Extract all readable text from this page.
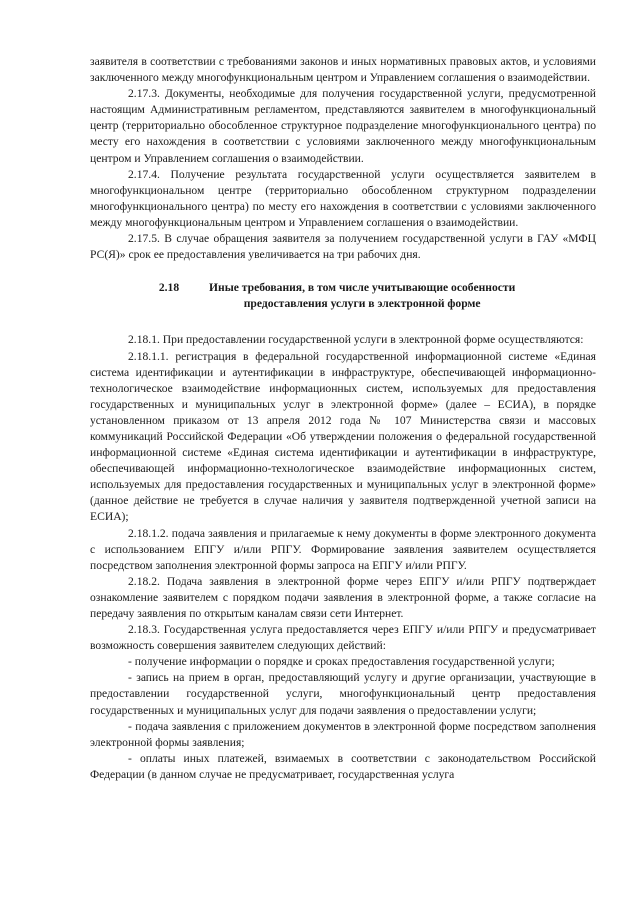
заявителя в соответствии с требованиями законов и иных нормативных правовых актов, и условиями заключенного между многофункциональным центром и Управлением соглашения о взаимодействии.

2.17.3. Документы, необходимые для получения государственной услуги, предусмотренной настоящим Административным регламентом, представляются заявителем в многофункциональный центр (территориально обособленное структурное подразделение многофункционального центра) по месту его нахождения в соответствии с условиями заключенного между многофункциональным центром и Управлением соглашения о взаимодействии.

2.17.4. Получение результата государственной услуги осуществляется заявителем в многофункциональном центре (территориально обособленном структурном подразделении многофункционального центра) по месту его нахождения в соответствии с условиями заключенного между многофункциональным центром и Управлением соглашения о взаимодействии.

2.17.5. В случае обращения заявителя за получением государственной услуги в ГАУ «МФЦ РС(Я)» срок ее предоставления увеличивается на три рабочих дня.

2.18	Иные требования, в том числе учитывающие особенности предоставления услуги в электронной форме

2.18.1. При предоставлении государственной услуги в электронной форме осуществляются:

2.18.1.1. регистрация в федеральной государственной информационной системе «Единая система идентификации и аутентификации в инфраструктуре, обеспечивающей информационно-технологическое взаимодействие информационных систем, используемых для предоставления государственных и муниципальных услуг в электронной форме» (далее – ЕСИА), в порядке установленном приказом от 13 апреля 2012 года № 107 Министерства связи и массовых коммуникаций Российской Федерации «Об утверждении положения о федеральной государственной информационной системе «Единая система идентификации и аутентификации в инфраструктуре, обеспечивающей информационно-технологическое взаимодействие информационных систем, используемых для предоставления государственных и муниципальных услуг в электронной форме» (данное действие не требуется в случае наличия у заявителя подтвержденной учетной записи на ЕСИА);

2.18.1.2. подача заявления и прилагаемые к нему документы в форме электронного документа с использованием ЕПГУ и/или РПГУ. Формирование заявления заявителем осуществляется посредством заполнения электронной формы запроса на ЕПГУ и/или РПГУ.

2.18.2. Подача заявления в электронной форме через ЕПГУ и/или РПГУ подтверждает ознакомление заявителем с порядком подачи заявления в электронной форме, а также согласие на передачу заявления по открытым каналам связи сети Интернет.

2.18.3. Государственная услуга предоставляется через ЕПГУ и/или РПГУ и предусматривает возможность совершения заявителем следующих действий:

- получение информации о порядке и сроках предоставления государственной услуги;

- запись на прием в орган, предоставляющий услугу и другие организации, участвующие в предоставлении государственной услуги, многофункциональный центр предоставления государственных и муниципальных услуг для подачи заявления о предоставлении услуги;

- подача заявления с приложением документов в электронной форме посредством заполнения электронной формы заявления;

- оплаты иных платежей, взимаемых в соответствии с законодательством Российской Федерации (в данном случае не предусматривает, государственная услуга
